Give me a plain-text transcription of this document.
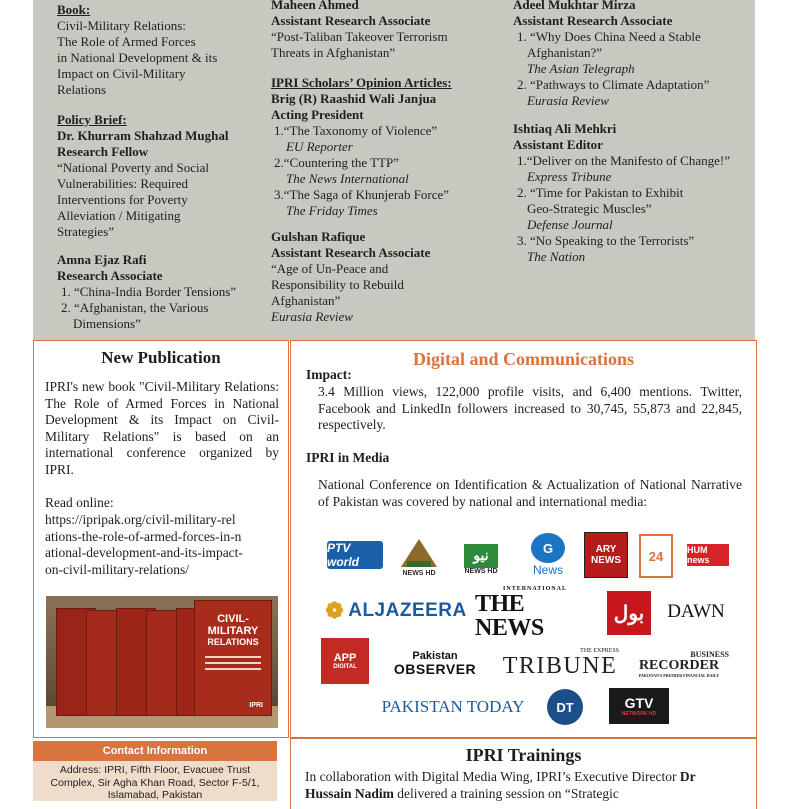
Book:
Civil-Military Relations:
The Role of Armed Forces
in National Development & its
Impact on Civil-Military
Relations
Policy Brief:
Dr. Khurram Shahzad Mughal
Research Fellow
“National Poverty and Social
Vulnerabilities: Required
Interventions for Poverty
Alleviation / Mitigating
Strategies”
Amna Ejaz Rafi
Research Associate
1. “China-India Border Tensions”
2. “Afghanistan, the Various
Dimensions”
Maheen Ahmed
Assistant Research Associate
“Post-Taliban Takeover Terrorism
Threats in Afghanistan”
IPRI Scholars’ Opinion Articles:
Brig (R) Raashid Wali Janjua
Acting President
1.“The Taxonomy of Violence”
EU Reporter
2.“Countering the TTP”
The News International
3.“The Saga of Khunjerab Force”
The Friday Times
Gulshan Rafique
Assistant Research Associate
“Age of Un-Peace and
Responsibility to Rebuild
Afghanistan”
Eurasia Review
Adeel Mukhtar Mirza
Assistant Research Associate
1. “Why Does China Need a Stable
Afghanistan?”
The Asian Telegraph
2. “Pathways to Climate Adaptation”
Eurasia Review
Ishtiaq Ali Mehkri
Assistant Editor
1.“Deliver on the Manifesto of Change!”
Express Tribune
2. “Time for Pakistan to Exhibit
Geo-Strategic Muscles”
Defense Journal
3. “No Speaking to the Terrorists”
The Nation
New Publication
IPRI's new book "Civil-Military Relations: The Role of Armed Forces in National Development & its Impact on Civil-Military Relations" is based on an international conference organized by IPRI.
Read online:
https://ipripak.org/civil-military-rel
ations-the-role-of-armed-forces-in-n
ational-development-and-its-impact-
on-civil-military-relations/
CIVIL-
MILITARY
RELATIONS
IPRI
Digital and Communications
Impact:
3.4 Million views, 122,000 profile visits, and 6,400 mentions. Twitter, Facebook and LinkedIn followers increased to 30,745, 55,873 and 22,845, respectively.
IPRI in Media
National Conference on Identification & Actualization of National Narrative of Pakistan was covered by national and international media:
PTV world
NEWS HD
نیو
NEWS HD
G
News
ARY NEWS	24	HUM news
❁ ALJAZEERA
INTERNATIONAL
THE NEWS
بول DAWN
APP
DIGITAL
Pakistan
OBSERVER
THE EXPRESS
TRIBUNE	BUSINESS
RECORDER
PAKISTAN'S PREMIER FINANCIAL DAILY
PAKISTAN TODAY DT	GTV
NETWORK HD
Contact Information
Address: IPRI, Fifth Floor, Evacuee Trust
Complex, Sir Agha Khan Road, Sector F-5/1,
Islamabad, Pakistan
IPRI Trainings
In collaboration with Digital Media Wing, IPRI’s Executive Director Dr
Hussain Nadim delivered a training session on “Strategic
